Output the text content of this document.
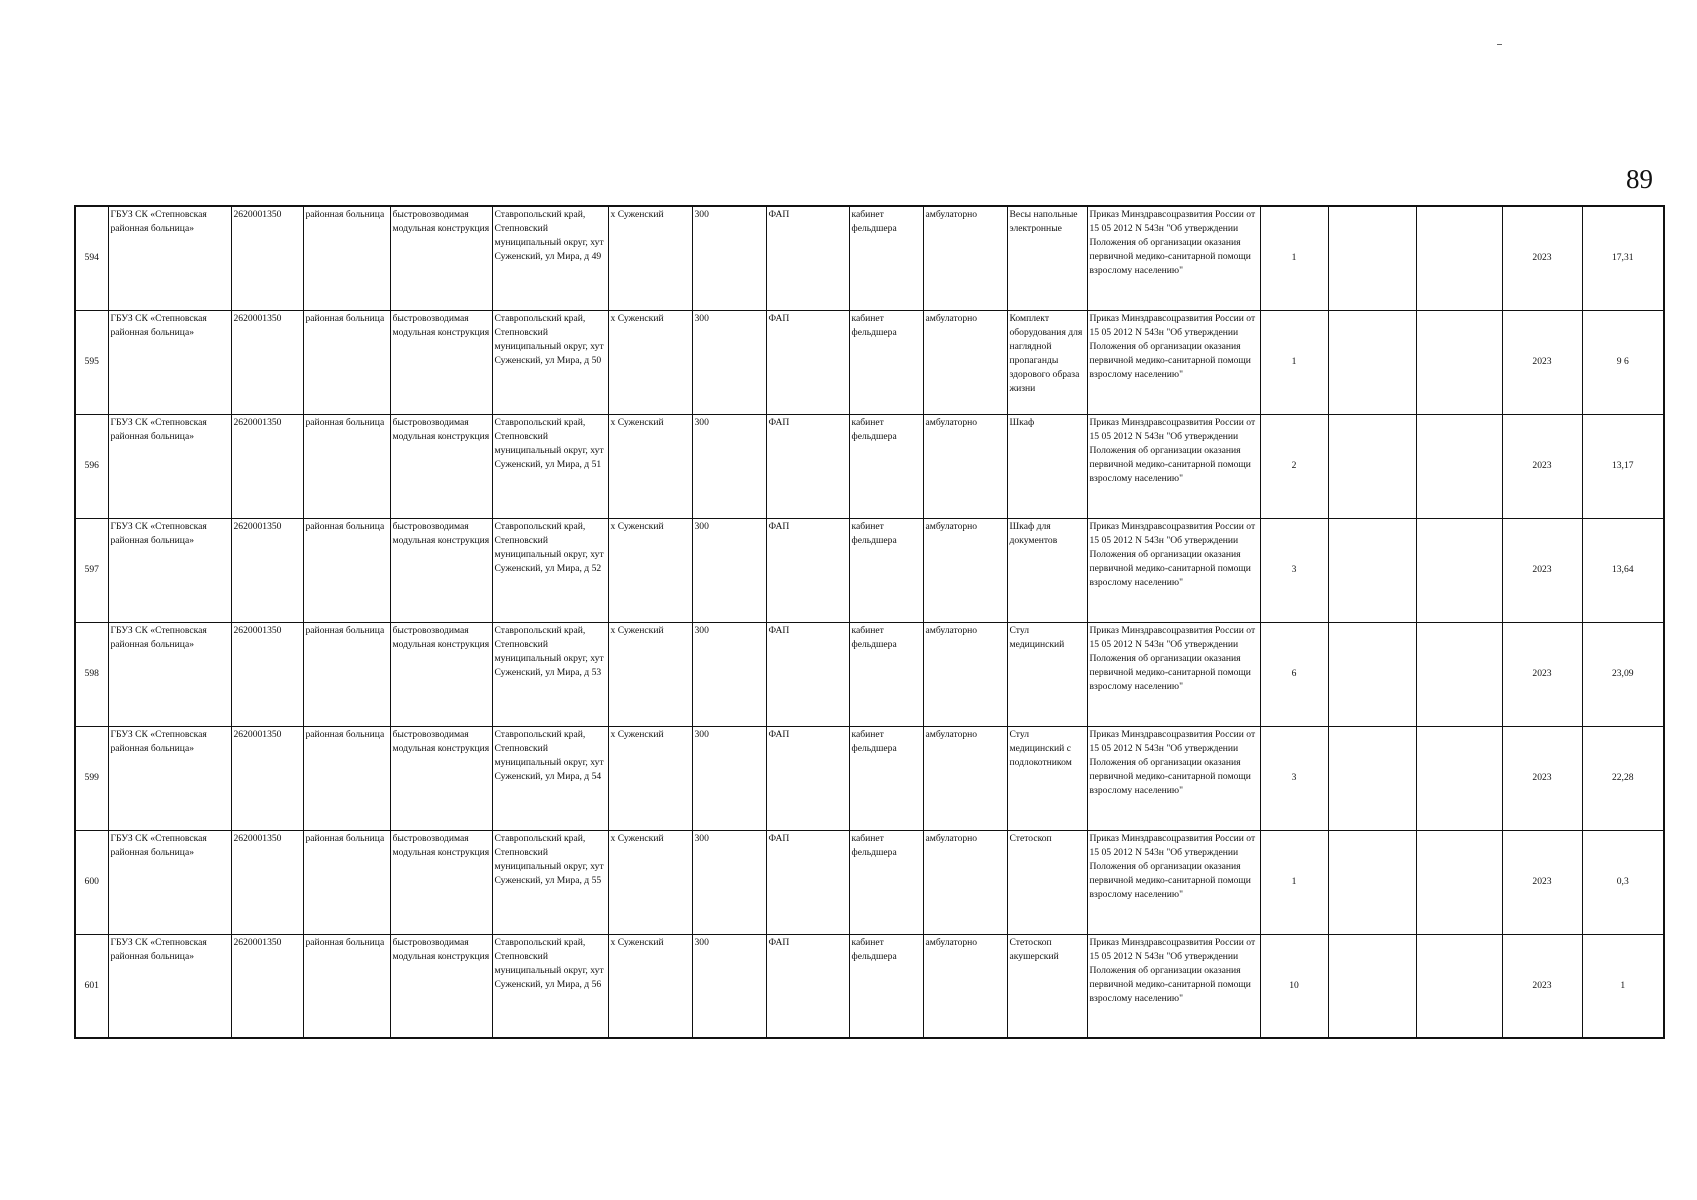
89
594	ГБУЗ СК «Степновская районная больница»	2620001350	районная больница	быстровозводимая модульная конструкция	Ставропольский край, Степновский муниципальный округ, хут Суженский, ул Мира, д 49	х Суженский	300	ФАП	кабинет фельдшера	амбулаторно	Весы напольные электронные	Приказ Минздравсоцразвития России от 15 05 2012 N 543н "Об утверждении Положения об организации оказания первичной медико-санитарной помощи взрослому населению"	1			2023	17,31
595	ГБУЗ СК «Степновская районная больница»	2620001350	районная больница	быстровозводимая модульная конструкция	Ставропольский край, Степновский муниципальный округ, хут Суженский, ул Мира, д 50	х Суженский	300	ФАП	кабинет фельдшера	амбулаторно	Комплект оборудования для наглядной пропаганды здорового образа жизни	Приказ Минздравсоцразвития России от 15 05 2012 N 543н "Об утверждении Положения об организации оказания первичной медико-санитарной помощи взрослому населению"	1			2023	9 6
596	ГБУЗ СК «Степновская районная больница»	2620001350	районная больница	быстровозводимая модульная конструкция	Ставропольский край, Степновский муниципальный округ, хут Суженский, ул Мира, д 51	х Суженский	300	ФАП	кабинет фельдшера	амбулаторно	Шкаф	Приказ Минздравсоцразвития России от 15 05 2012 N 543н "Об утверждении Положения об организации оказания первичной медико-санитарной помощи взрослому населению"	2			2023	13,17
597	ГБУЗ СК «Степновская районная больница»	2620001350	районная больница	быстровозводимая модульная конструкция	Ставропольский край, Степновский муниципальный округ, хут Суженский, ул Мира, д 52	х Суженский	300	ФАП	кабинет фельдшера	амбулаторно	Шкаф для документов	Приказ Минздравсоцразвития России от 15 05 2012 N 543н "Об утверждении Положения об организации оказания первичной медико-санитарной помощи взрослому населению"	3			2023	13,64
598	ГБУЗ СК «Степновская районная больница»	2620001350	районная больница	быстровозводимая модульная конструкция	Ставропольский край, Степновский муниципальный округ, хут Суженский, ул Мира, д 53	х Суженский	300	ФАП	кабинет фельдшера	амбулаторно	Стул медицинский	Приказ Минздравсоцразвития России от 15 05 2012 N 543н "Об утверждении Положения об организации оказания первичной медико-санитарной помощи взрослому населению"	6			2023	23,09
599	ГБУЗ СК «Степновская районная больница»	2620001350	районная больница	быстровозводимая модульная конструкция	Ставропольский край, Степновский муниципальный округ, хут Суженский, ул Мира, д 54	х Суженский	300	ФАП	кабинет фельдшера	амбулаторно	Стул медицинский с подлокотником	Приказ Минздравсоцразвития России от 15 05 2012 N 543н "Об утверждении Положения об организации оказания первичной медико-санитарной помощи взрослому населению"	3			2023	22,28
600	ГБУЗ СК «Степновская районная больница»	2620001350	районная больница	быстровозводимая модульная конструкция	Ставропольский край, Степновский муниципальный округ, хут Суженский, ул Мира, д 55	х Суженский	300	ФАП	кабинет фельдшера	амбулаторно	Стетоскоп	Приказ Минздравсоцразвития России от 15 05 2012 N 543н "Об утверждении Положения об организации оказания первичной медико-санитарной помощи взрослому населению"	1			2023	0,3
601	ГБУЗ СК «Степновская районная больница»	2620001350	районная больница	быстровозводимая модульная конструкция	Ставропольский край, Степновский муниципальный округ, хут Суженский, ул Мира, д 56	х Суженский	300	ФАП	кабинет фельдшера	амбулаторно	Стетоскоп акушерский	Приказ Минздравсоцразвития России от 15 05 2012 N 543н "Об утверждении Положения об организации оказания первичной медико-санитарной помощи взрослому населению"	10			2023	1
